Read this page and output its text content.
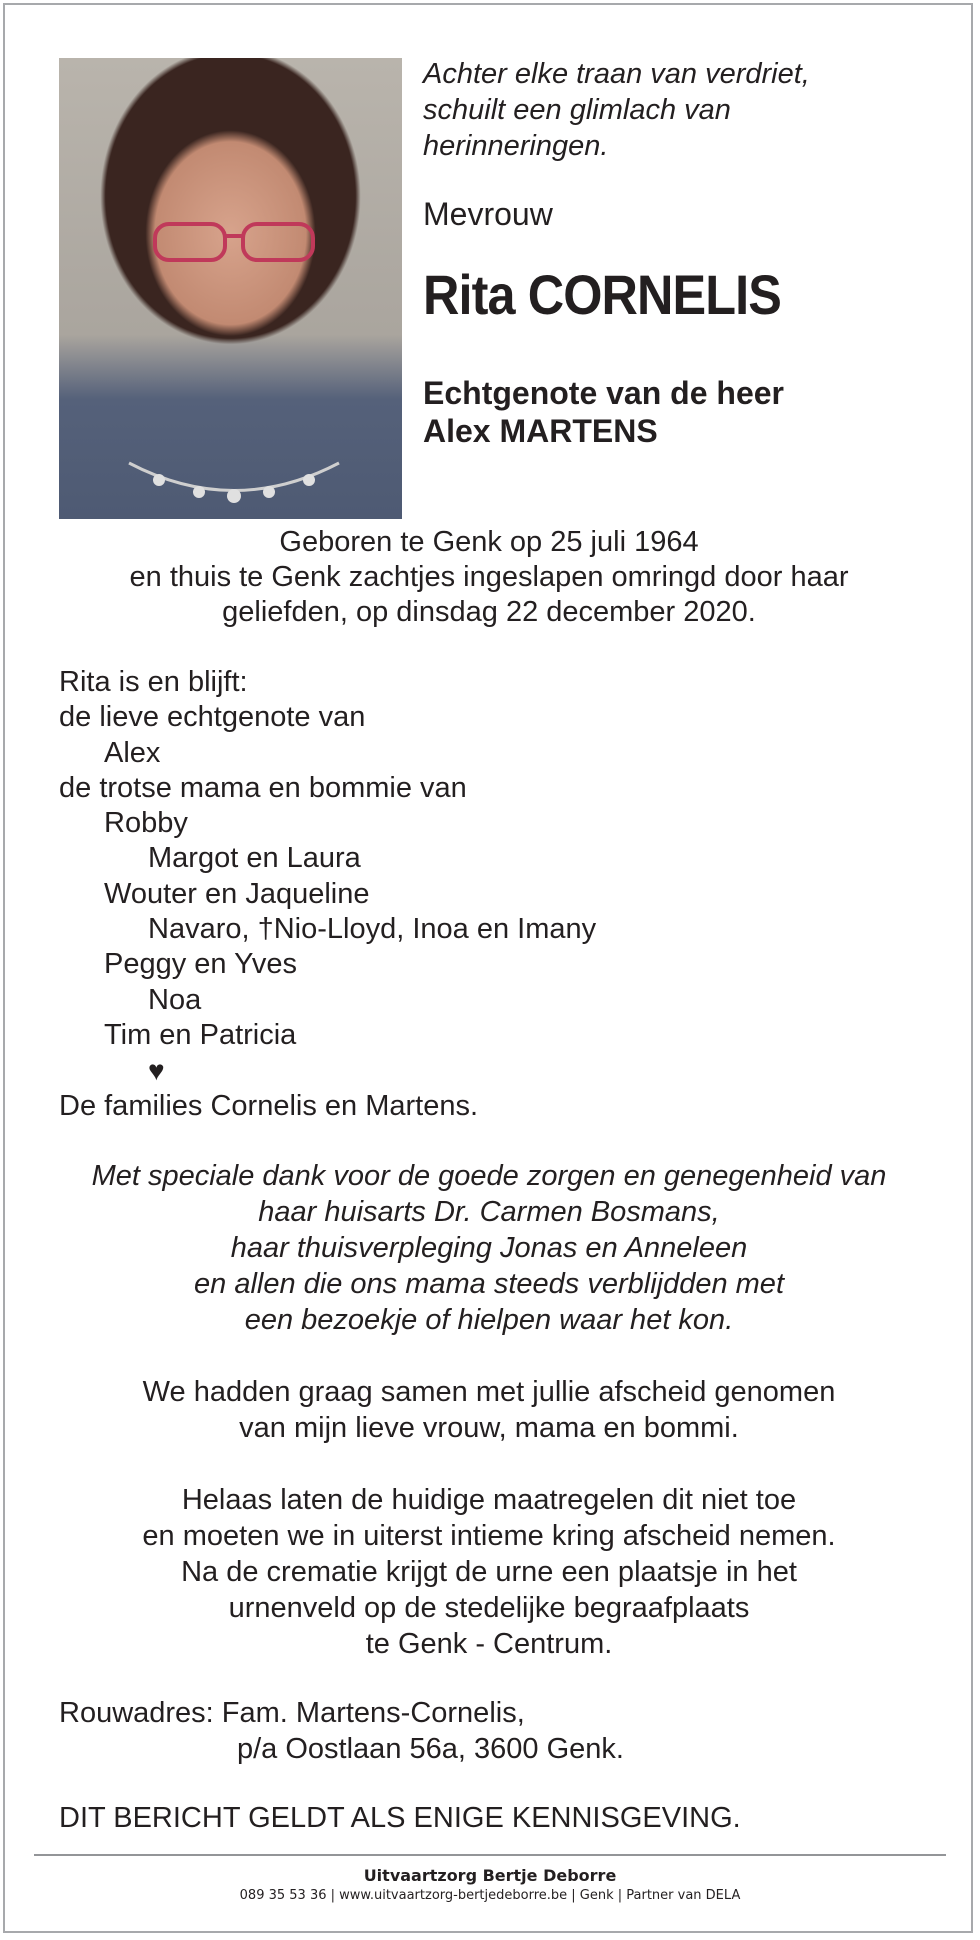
Achter elke traan van verdriet,
schuilt een glimlach van
herinneringen.
Mevrouw
Rita CORNELIS
Echtgenote van de heer
Alex MARTENS
Geboren te Genk op 25 juli 1964
en thuis te Genk zachtjes ingeslapen omringd door haar
geliefden, op dinsdag 22 december 2020.
Rita is en blijft:
de lieve echtgenote van
Alex
de trotse mama en bommie van
Robby
Margot en Laura
Wouter en Jaqueline
Navaro, †Nio-Lloyd, Inoa en Imany
Peggy en Yves
Noa
Tim en Patricia
♥
De families Cornelis en Martens.
Met speciale dank voor de goede zorgen en genegenheid van
haar huisarts Dr. Carmen Bosmans,
haar thuisverpleging Jonas en Anneleen
en allen die ons mama steeds verblijdden met
een bezoekje of hielpen waar het kon.
We hadden graag samen met jullie afscheid genomen
van mijn lieve vrouw, mama en bommi.
Helaas laten de huidige maatregelen dit niet toe
en moeten we in uiterst intieme kring afscheid nemen.
Na de crematie krijgt de urne een plaatsje in het
urnenveld op de stedelijke begraafplaats
te Genk - Centrum.
Rouwadres: Fam. Martens-Cornelis,
p/a Oostlaan 56a, 3600 Genk.
DIT BERICHT GELDT ALS ENIGE KENNISGEVING.
Uitvaartzorg Bertje Deborre
089 35 53 36 | www.uitvaartzorg-bertjedeborre.be | Genk | Partner van DELA
